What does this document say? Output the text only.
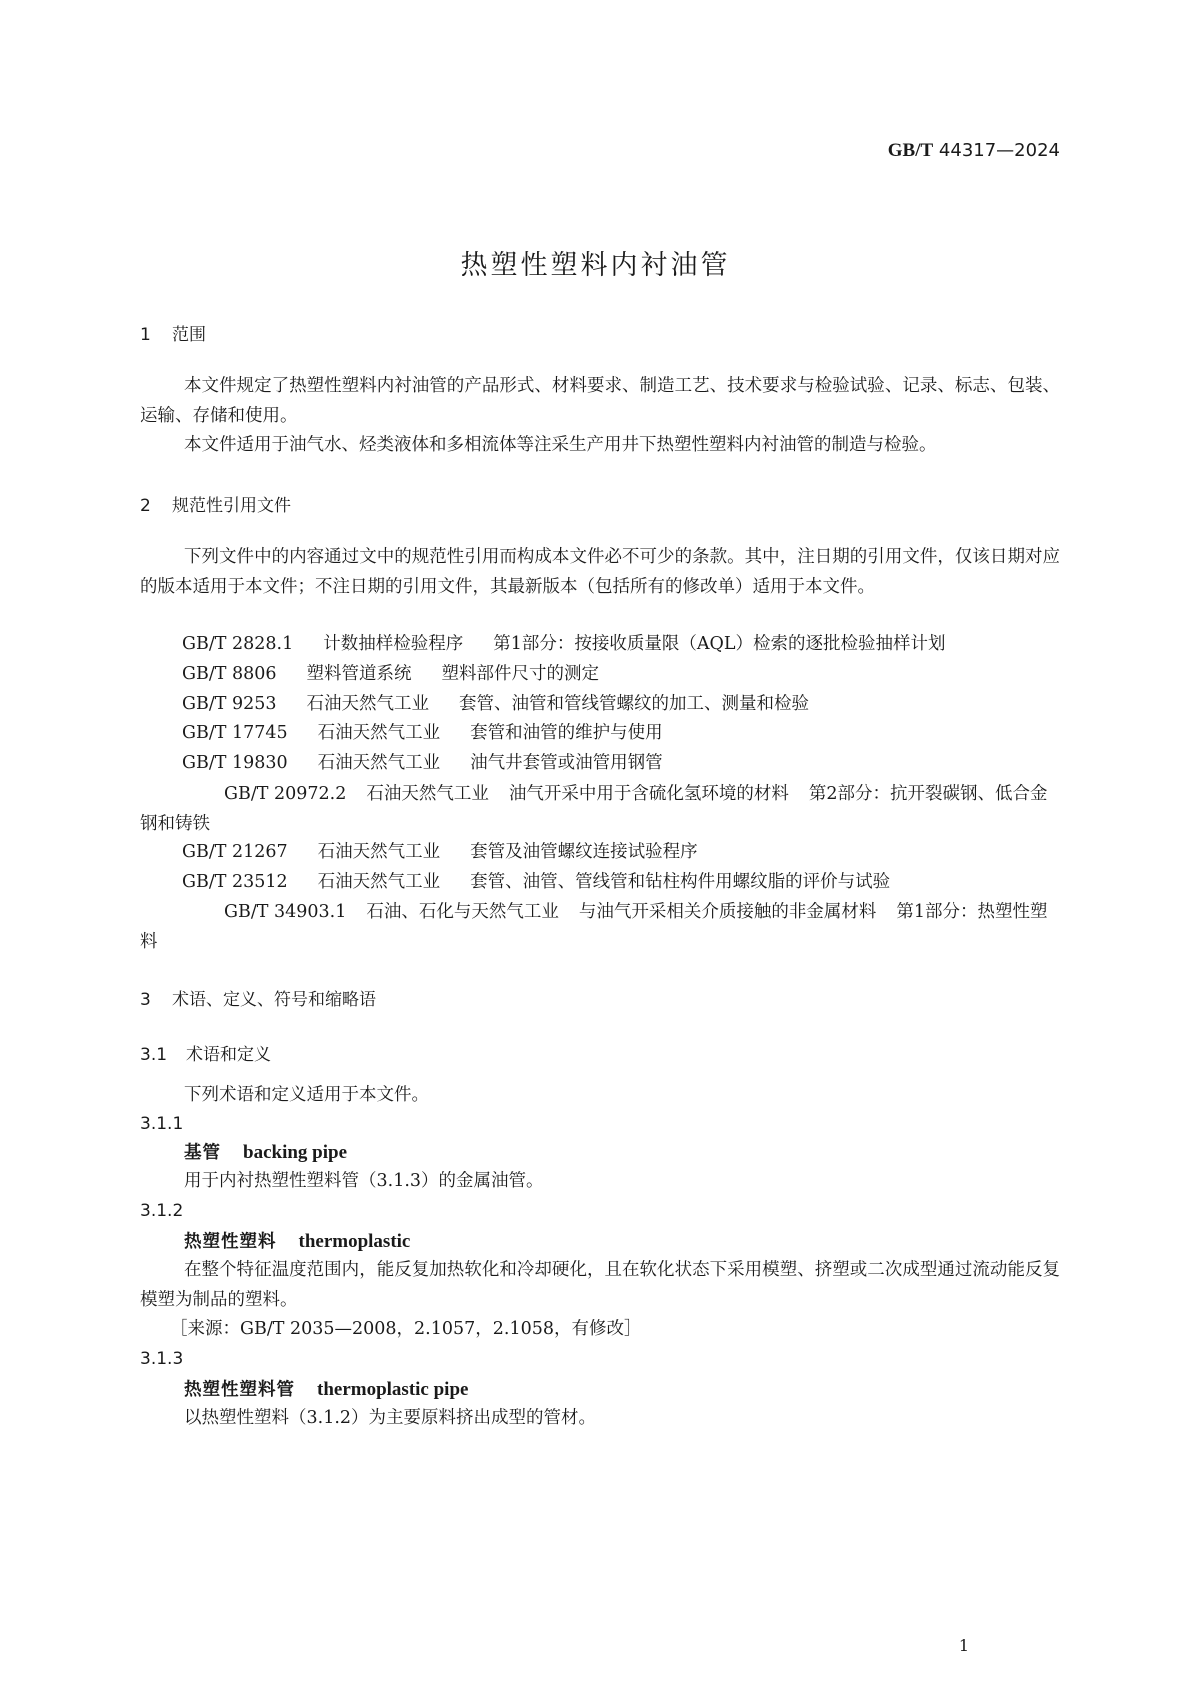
GB/T 44317—2024
热塑性塑料内衬油管
1 范围
本文件规定了热塑性塑料内衬油管的产品形式、材料要求、制造工艺、技术要求与检验试验、记录、标志、包装、运输、存储和使用。
本文件适用于油气水、烃类液体和多相流体等注采生产用井下热塑性塑料内衬油管的制造与检验。
2 规范性引用文件
下列文件中的内容通过文中的规范性引用而构成本文件必不可少的条款。其中，注日期的引用文件，仅该日期对应的版本适用于本文件；不注日期的引用文件，其最新版本（包括所有的修改单）适用于本文件。
GB/T 2828.1 计数抽样检验程序 第1部分：按接收质量限（AQL）检索的逐批检验抽样计划
GB/T 8806 塑料管道系统 塑料部件尺寸的测定
GB/T 9253 石油天然气工业 套管、油管和管线管螺纹的加工、测量和检验
GB/T 17745 石油天然气工业 套管和油管的维护与使用
GB/T 19830 石油天然气工业 油气井套管或油管用钢管
GB/T 20972.2 石油天然气工业 油气开采中用于含硫化氢环境的材料 第2部分：抗开裂碳钢、低合金钢和铸铁
GB/T 21267 石油天然气工业 套管及油管螺纹连接试验程序
GB/T 23512 石油天然气工业 套管、油管、管线管和钻柱构件用螺纹脂的评价与试验
GB/T 34903.1 石油、石化与天然气工业 与油气开采相关介质接触的非金属材料 第1部分：热塑性塑料
3 术语、定义、符号和缩略语
3.1 术语和定义
下列术语和定义适用于本文件。
3.1.1
基管 backing pipe
用于内衬热塑性塑料管（3.1.3）的金属油管。
3.1.2
热塑性塑料 thermoplastic
在整个特征温度范围内，能反复加热软化和冷却硬化，且在软化状态下采用模塑、挤塑或二次成型通过流动能反复模塑为制品的塑料。
［来源：GB/T 2035—2008，2.1057，2.1058，有修改］
3.1.3
热塑性塑料管 thermoplastic pipe
以热塑性塑料（3.1.2）为主要原料挤出成型的管材。
1
